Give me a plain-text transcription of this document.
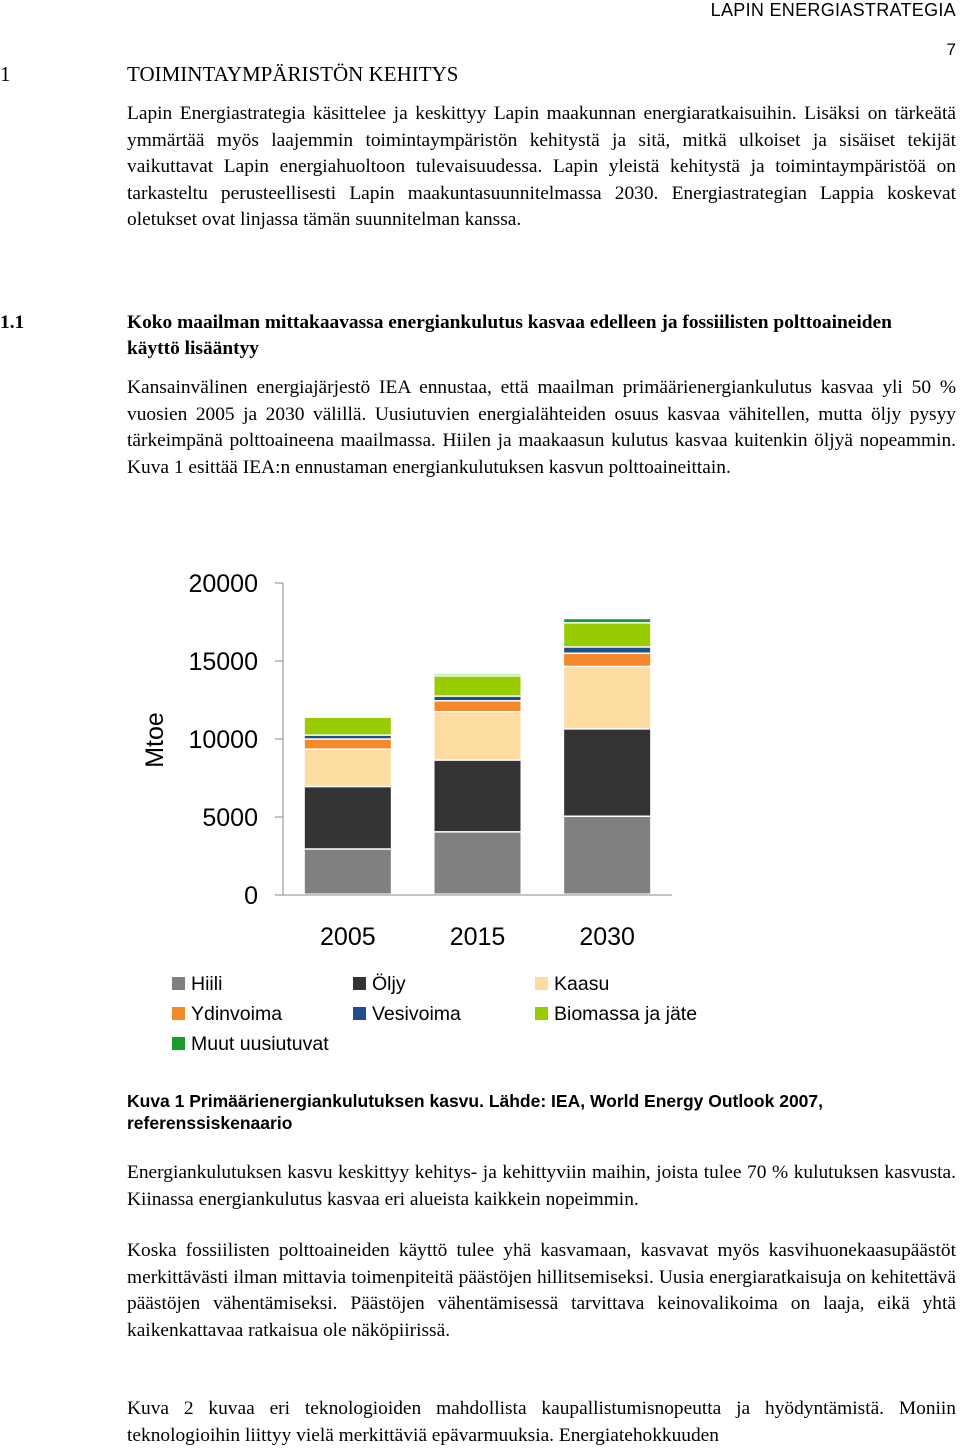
LAPIN ENERGIASTRATEGIA
7
1	TOIMINTAYMPÄRISTÖN KEHITYS

Lapin Energiastrategia käsittelee ja keskittyy Lapin maakunnan energiaratkaisuihin. Lisäksi on tärkeätä ymmärtää myös laajemmin toimintaympäristön kehitystä ja sitä, mitkä ulkoiset ja sisäiset tekijät vaikuttavat Lapin energiahuoltoon tulevaisuudessa. Lapin yleistä kehitystä ja toimintaympäristöä on tarkasteltu perusteellisesti Lapin maakuntasuunnitelmassa 2030. Energiastrategian Lappia koskevat oletukset ovat linjassa tämän suunnitelman kanssa.

1.1	Koko maailman mittakaavassa energiankulutus kasvaa edelleen ja fossiilisten polttoaineiden käyttö lisääntyy

Kansainvälinen energiajärjestö IEA ennustaa, että maailman primäärienergiankulutus kasvaa yli 50 % vuosien 2005 ja 2030 välillä. Uusiutuvien energialähteiden osuus kasvaa vähitellen, mutta öljy pysyy tärkeimpänä polttoaineena maailmassa. Hiilen ja maakaasun kulutus kasvaa kuitenkin öljyä nopeammin. Kuva 1 esittää IEA:n ennustaman energiankulutuksen kasvun polttoaineittain.

0
5000
10000
15000
20000
Mtoe
2005	2015	2030
Hiili	Öljy	Kaasu
Ydinvoima	Vesivoima	Biomassa ja jäte
Muut uusiutuvat
Kuva 1 Primäärienergiankulutuksen kasvu. Lähde: IEA, World Energy Outlook 2007, referenssiskenaario

Energiankulutuksen kasvu keskittyy kehitys- ja kehittyviin maihin, joista tulee 70 % kulutuksen kasvusta. Kiinassa energiankulutus kasvaa eri alueista kaikkein nopeimmin.

Koska fossiilisten polttoaineiden käyttö tulee yhä kasvamaan, kasvavat myös kasvihuonekaasupäästöt merkittävästi ilman mittavia toimenpiteitä päästöjen hillitsemiseksi. Uusia energiaratkaisuja on kehitettävä päästöjen vähentämiseksi. Päästöjen vähentämisessä tarvittava keinovalikoima on laaja, eikä yhtä kaikenkattavaa ratkaisua ole näköpiirissä.

Kuva 2 kuvaa eri teknologioiden mahdollista kaupallistumisnopeutta ja hyödyntämistä. Moniin teknologioihin liittyy vielä merkittäviä epävarmuuksia. Energiatehokkuuden
